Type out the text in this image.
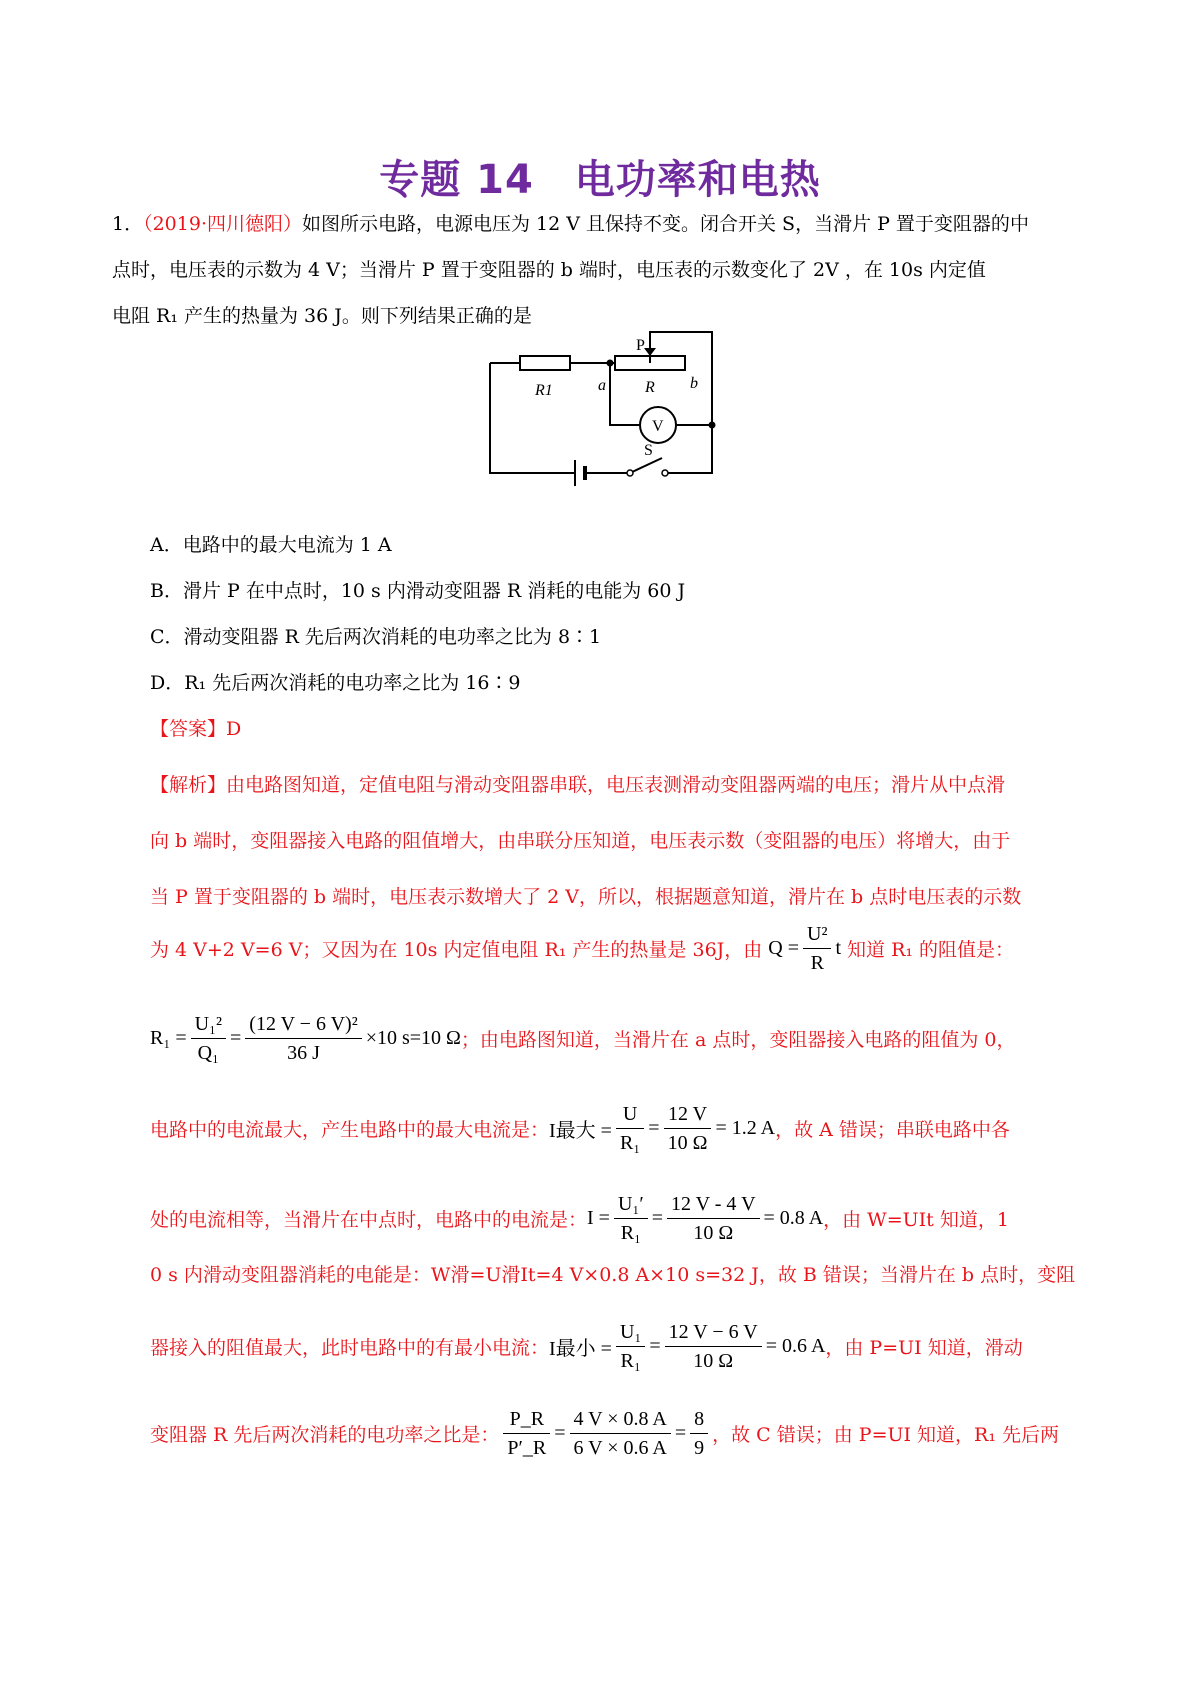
专题 14　电功率和电热
1．（2019·四川德阳）如图所示电路，电源电压为 12 V 且保持不变。闭合开关 S，当滑片 P 置于变阻器的中
点时，电压表的示数为 4 V；当滑片 P 置于变阻器的 b 端时，电压表的示数变化了 2V ，在 10s 内定值
电阻 R₁ 产生的热量为 36 J。则下列结果正确的是
P
R1	a R b
V
S
A．电路中的最大电流为 1 A
B．滑片 P 在中点时，10 s 内滑动变阻器 R 消耗的电能为 60 J
C．滑动变阻器 R 先后两次消耗的电功率之比为 8∶1
D．R₁ 先后两次消耗的电功率之比为 16∶9
【答案】D
【解析】由电路图知道，定值电阻与滑动变阻器串联，电压表测滑动变阻器两端的电压；滑片从中点滑
向 b 端时，变阻器接入电路的阻值增大，由串联分压知道，电压表示数（变阻器的电压）将增大，由于
当 P 置于变阻器的 b 端时，电压表示数增大了 2 V，所以，根据题意知道，滑片在 b 点时电压表的示数
为 4 V+2 V=6 V；又因为在 10s 内定值电阻 R₁ 产生的热量是 36J，由 $Q = \frac{\text{U²}}{R}$ t 知道 R₁ 的阻值是：
$R_1 = \frac{\text{U₁²}}{\text{Q₁}} = \frac{\text{(12 V − 6 V)²}}{36 J} \times 10$ s=10 Ω ；由电路图知道，当滑片在 a 点时，变阻器接入电路的阻值为 0，
电路中的电流最大，产生电路中的最大电流是： I最大 = $\frac{U}{\text{R₁}} = \frac{12 V}{10 \Omega} = 1.2$ A ，故 A 错误；串联电路中各
处的电流相等，当滑片在中点时，电路中的电流是： $I = \frac{\text{U₁′}}{\text{R₁}} = \frac{12 V - 4 V}{10 \Omega} = 0.8$ A ，由 W=UIt 知道，1
0 s 内滑动变阻器消耗的电能是：W滑=U滑It=4 V×0.8 A×10 s=32 J，故 B 错误；当滑片在 b 点时，变阻
器接入的阻值最大，此时电路中的有最小电流： I最小 = $\frac{\text{U₁}}{\text{R₁}} = \frac{12 V - 6 V}{10 \Omega} = 0.6$ A ，由 P=UI 知道，滑动
变阻器 R 先后两次消耗的电功率之比是： $\frac{P\_R}{P'\_R} = \frac{4 V \times 0.8 A}{6 V \times 0.6 A} = \frac{8}{9}$ ，故 C 错误；由 P=UI 知道，R₁ 先后两
